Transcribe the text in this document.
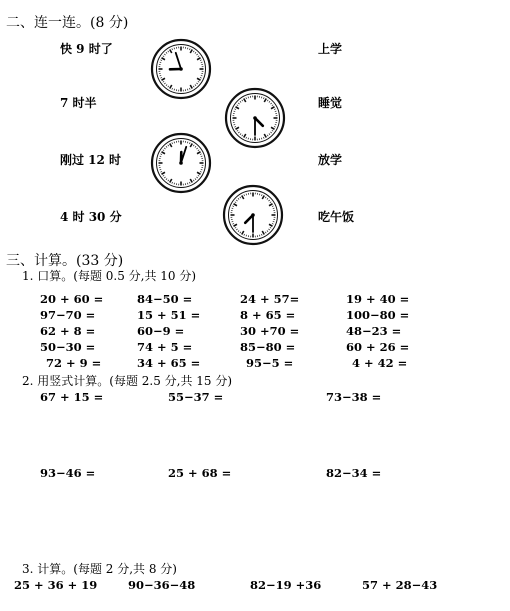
二、连一连。(8 分)
快 9 时了
7 时半
刚过 12 时
4 时 30 分
上学
睡觉
放学
吃午饭
三、计算。(33 分)
1. 口算。(每题 0.5 分,共 10 分)
20 + 60 =	84−50 =	24 + 57=	19 + 40 =
97−70 =	15 + 51 =	8 + 65 =	100−80 =
62 + 8 =	60−9 =	30 +70 =	48−23 =
50−30 =	74 + 5 =	85−80 =	60 + 26 =
72 + 9 =	34 + 65 =	95−5 =	4 + 42 =
2. 用竖式计算。(每题 2.5 分,共 15 分)
67 + 15 =	55−37 =	73−38 =
93−46 =	25 + 68 =	82−34 =
3. 计算。(每题 2 分,共 8 分)
25 + 36 + 19	90−36−48	82−19 +36	57 + 28−43
